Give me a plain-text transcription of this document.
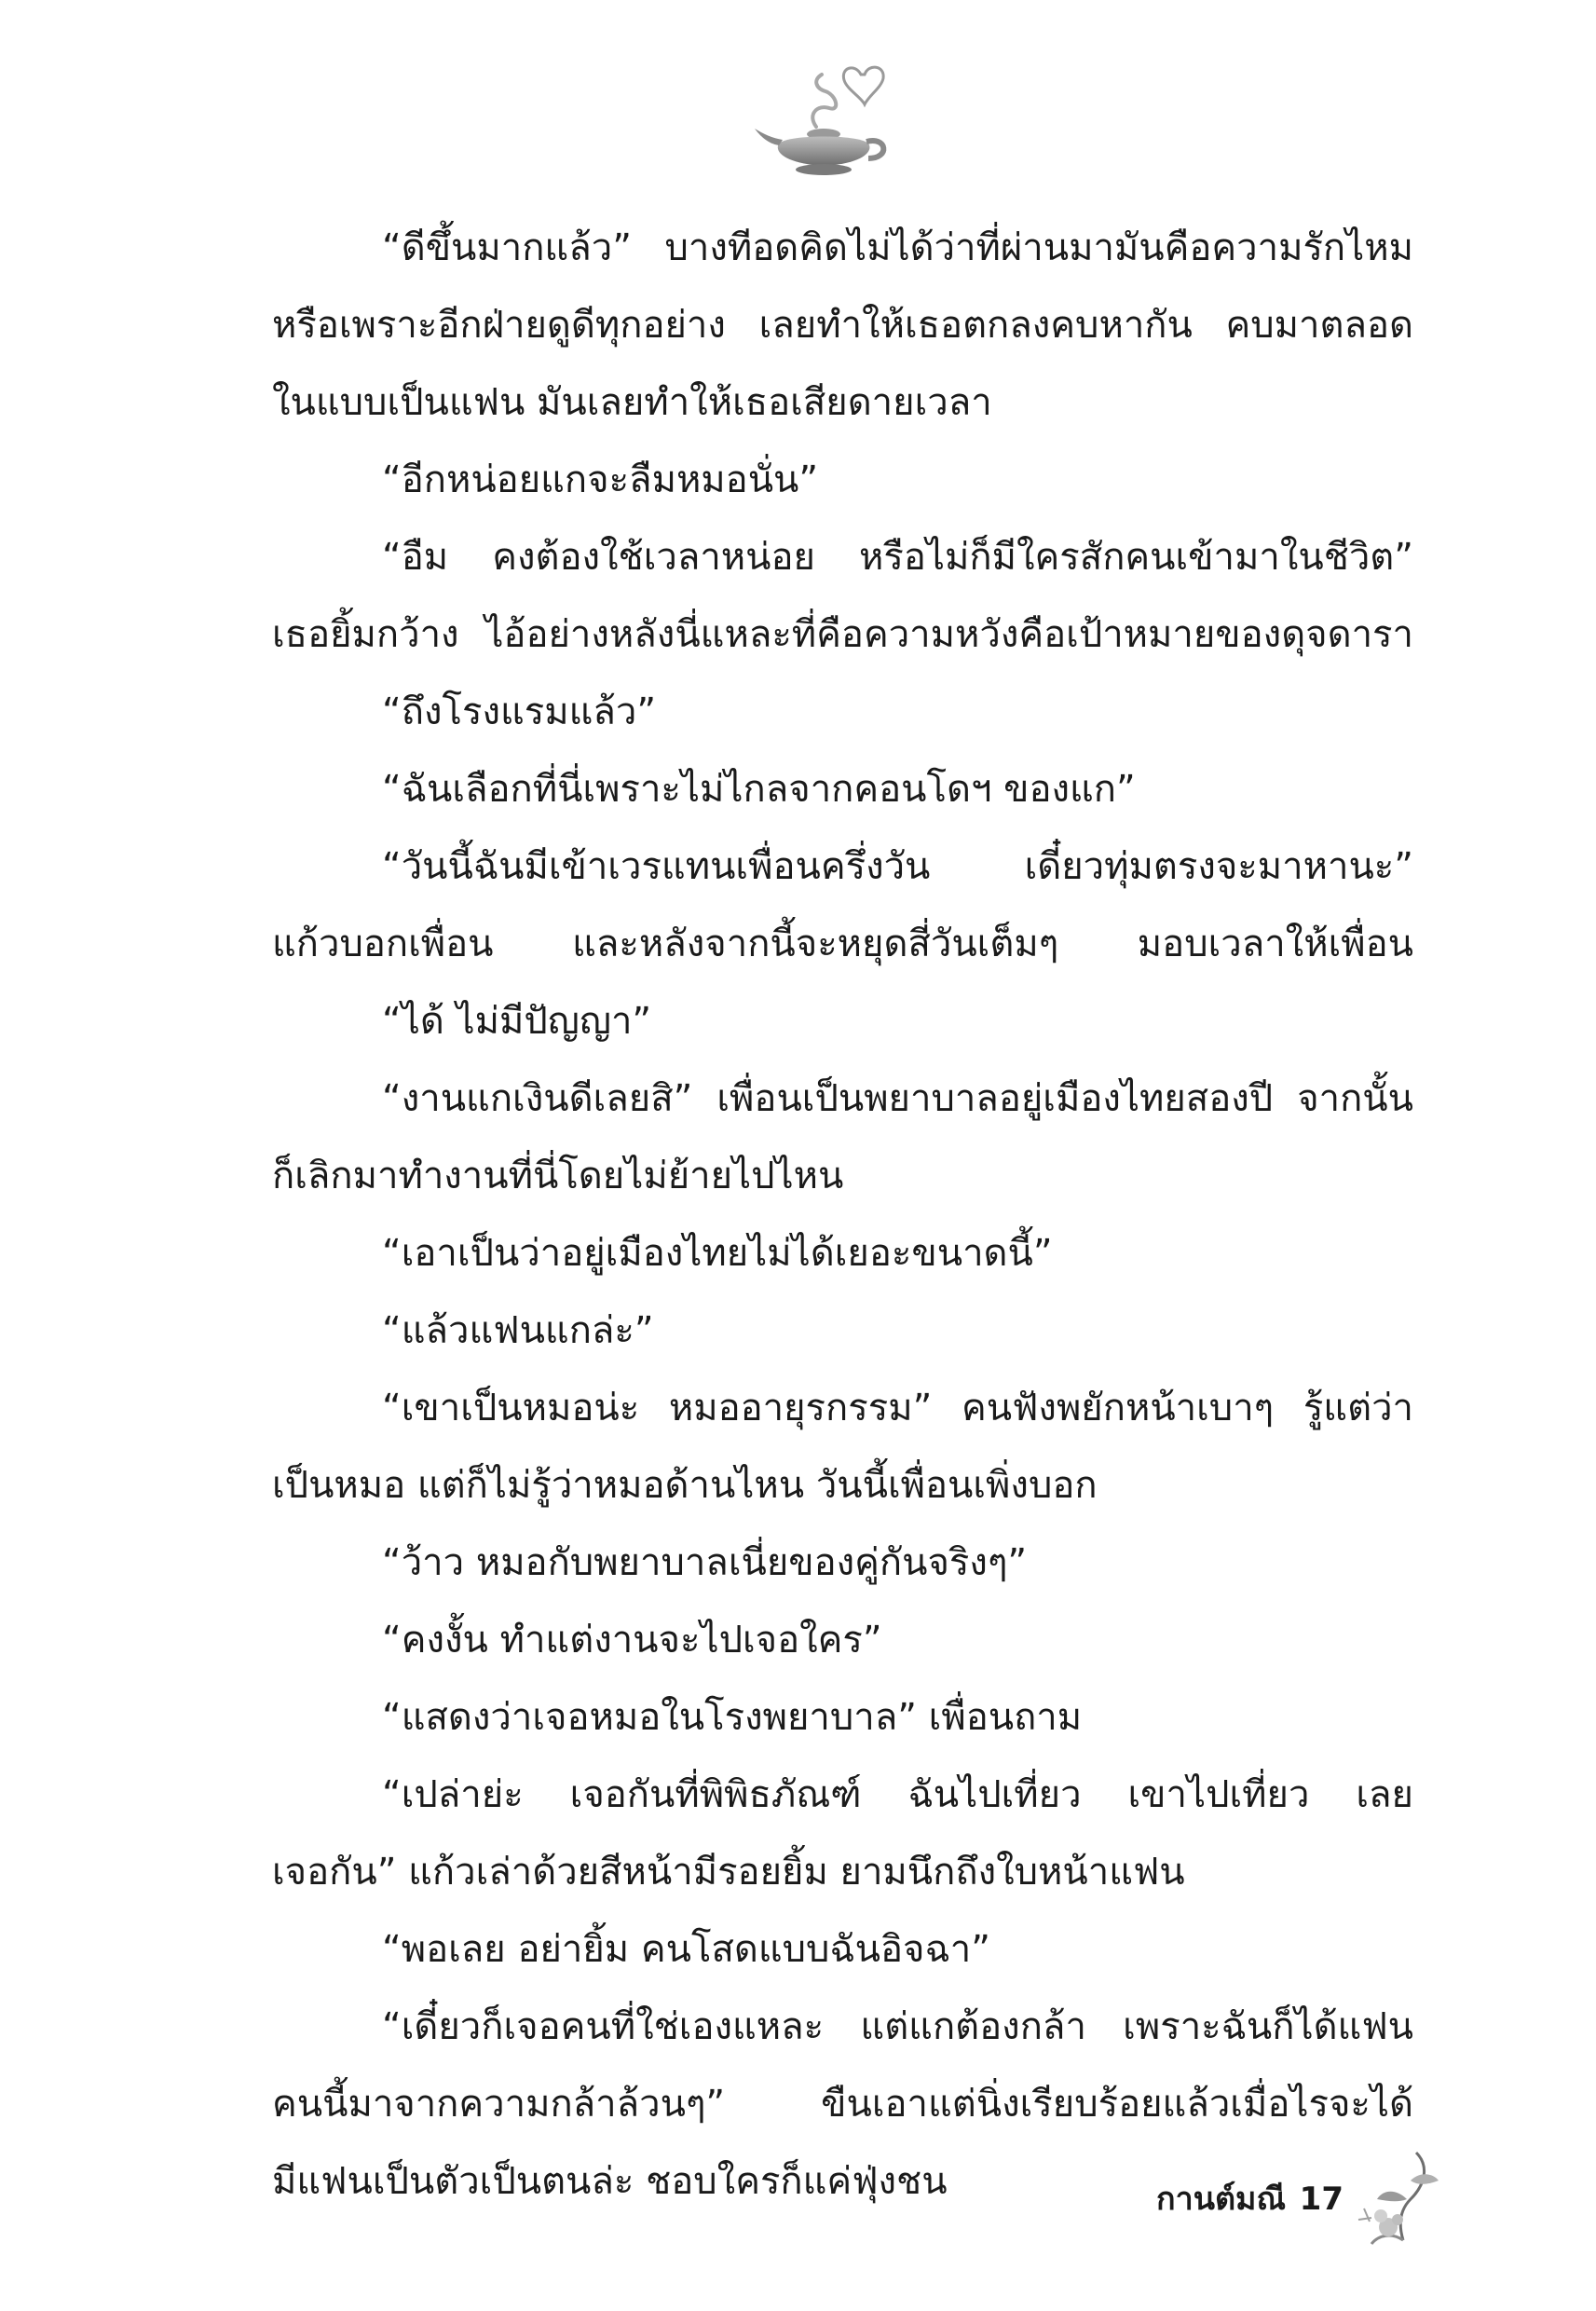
“ดีขึ้นมากแล้ว” บางทีอดคิดไม่ได้ว่าที่ผ่านมามันคือความรักไหม
หรือเพราะอีกฝ่ายดูดีทุกอย่าง เลยทำให้เธอตกลงคบหากัน คบมาตลอด
ในแบบเป็นแฟน มันเลยทำให้เธอเสียดายเวลา
“อีกหน่อยแกจะลืมหมอนั่น”
“อืม คงต้องใช้เวลาหน่อย หรือไม่ก็มีใครสักคนเข้ามาในชีวิต”
เธอยิ้มกว้าง ไอ้อย่างหลังนี่แหละที่คือความหวังคือเป้าหมายของดุจดารา
“ถึงโรงแรมแล้ว”
“ฉันเลือกที่นี่เพราะไม่ไกลจากคอนโดฯ ของแก”
“วันนี้ฉันมีเข้าเวรแทนเพื่อนครึ่งวัน เดี๋ยวทุ่มตรงจะมาหานะ”
แก้วบอกเพื่อน และหลังจากนี้จะหยุดสี่วันเต็มๆ มอบเวลาให้เพื่อน
“ได้ ไม่มีปัญญา”
“งานแกเงินดีเลยสิ” เพื่อนเป็นพยาบาลอยู่เมืองไทยสองปี จากนั้น
ก็เลิกมาทำงานที่นี่โดยไม่ย้ายไปไหน
“เอาเป็นว่าอยู่เมืองไทยไม่ได้เยอะขนาดนี้”
“แล้วแฟนแกล่ะ”
“เขาเป็นหมอน่ะ หมออายุรกรรม” คนฟังพยักหน้าเบาๆ รู้แต่ว่า
เป็นหมอ แต่ก็ไม่รู้ว่าหมอด้านไหน วันนี้เพื่อนเพิ่งบอก
“ว้าว หมอกับพยาบาลเนี่ยของคู่กันจริงๆ”
“คงงั้น ทำแต่งานจะไปเจอใคร”
“แสดงว่าเจอหมอในโรงพยาบาล” เพื่อนถาม
“เปล่าย่ะ เจอกันที่พิพิธภัณฑ์ ฉันไปเที่ยว เขาไปเที่ยว เลย
เจอกัน” แก้วเล่าด้วยสีหน้ามีรอยยิ้ม ยามนึกถึงใบหน้าแฟน
“พอเลย อย่ายิ้ม คนโสดแบบฉันอิจฉา”
“เดี๋ยวก็เจอคนที่ใช่เองแหละ แต่แกต้องกล้า เพราะฉันก็ได้แฟน
คนนี้มาจากความกล้าล้วนๆ” ขืนเอาแต่นิ่งเรียบร้อยแล้วเมื่อไรจะได้
มีแฟนเป็นตัวเป็นตนล่ะ ชอบใครก็แค่ฟุ่งชน	กานต์มณี 17
